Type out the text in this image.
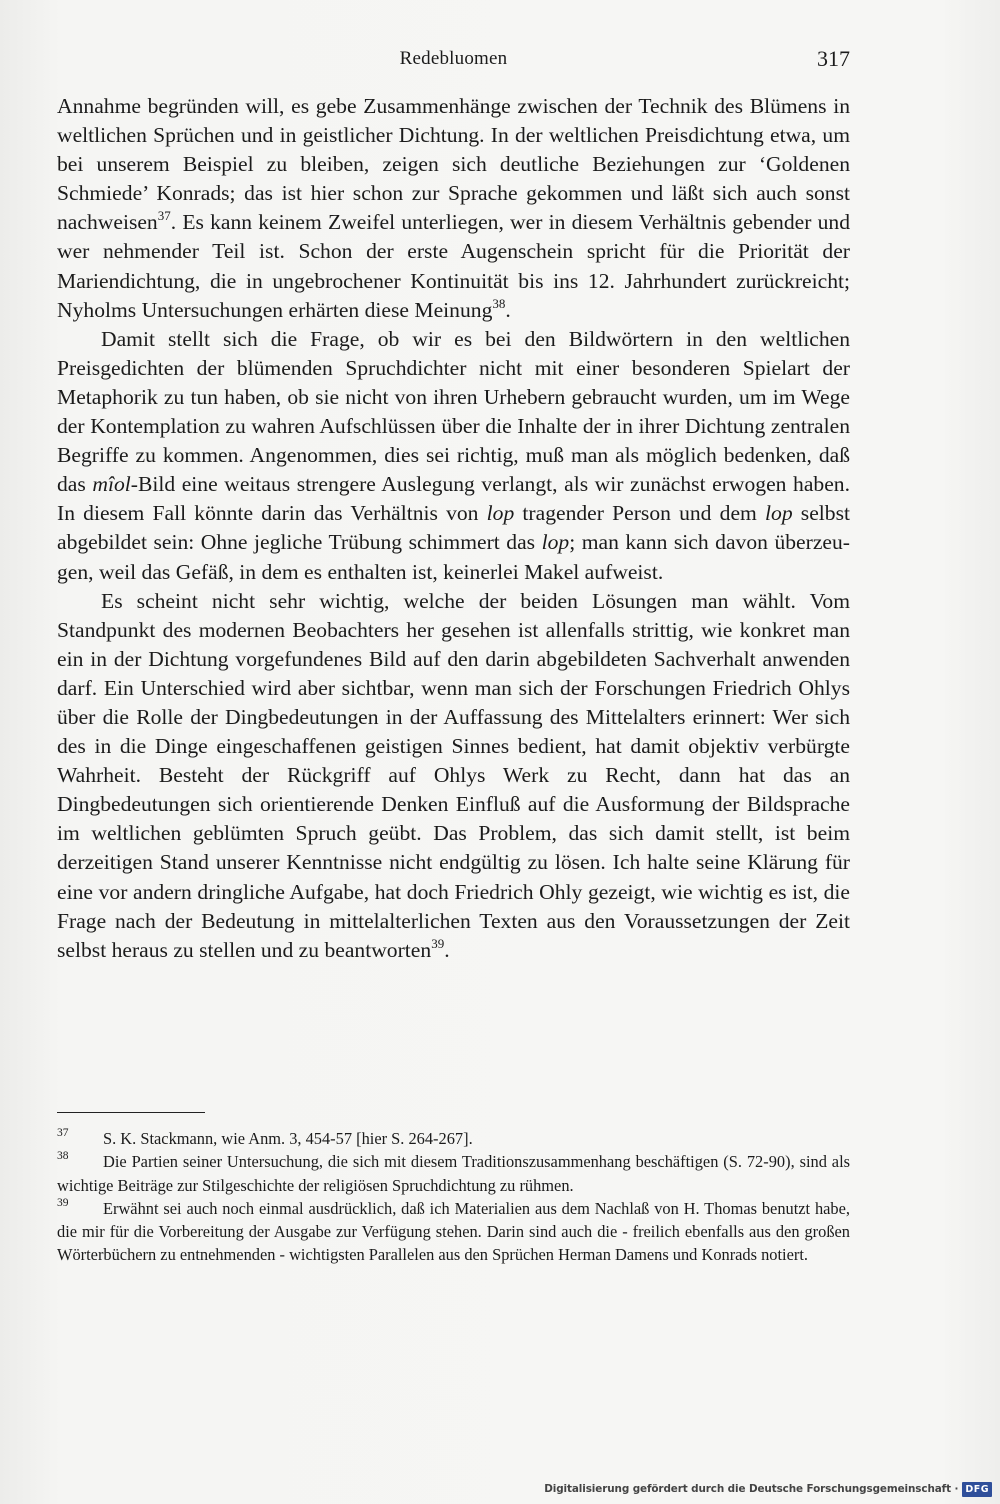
Redebluomen	317

Annahme begründen will, es gebe Zusammenhänge zwischen der Technik des Blümens in weltlichen Sprüchen und in geistlicher Dichtung. In der weltlichen Preisdichtung etwa, um bei unserem Beispiel zu bleiben, zeigen sich deutliche Beziehungen zur ‘Goldenen Schmiede’ Konrads; das ist hier schon zur Sprache gekommen und läßt sich auch sonst nachweisen$^{37}$. Es kann keinem Zweifel unterliegen, wer in diesem Verhältnis gebender und wer nehmender Teil ist. Schon der erste Augenschein spricht für die Priorität der Mariendichtung, die in ungebrochener Kontinuität bis ins 12. Jahrhundert zurückreicht; Nyholms Untersuchungen erhärten diese Meinung$^{38}$.

Damit stellt sich die Frage, ob wir es bei den Bildwörtern in den weltlichen Preisgedichten der blümenden Spruchdichter nicht mit einer besonderen Spielart der Metaphorik zu tun haben, ob sie nicht von ihren Urhebern gebraucht wurden, um im Wege der Kontemplation zu wahren Aufschlüssen über die Inhalte der in ihrer Dichtung zentralen Begriffe zu kommen. Angenommen, dies sei richtig, muß man als möglich bedenken, daß das mîol-Bild eine weitaus strengere Auslegung verlangt, als wir zunächst erwogen haben. In diesem Fall könnte darin das Verhältnis von lop tragender Person und dem lop selbst abgebildet sein: Ohne jegliche Trübung schimmert das lop; man kann sich davon überzeugen, weil das Gefäß, in dem es enthalten ist, keinerlei Makel aufweist.

Es scheint nicht sehr wichtig, welche der beiden Lösungen man wählt. Vom Standpunkt des modernen Beobachters her gesehen ist allenfalls strittig, wie konkret man ein in der Dichtung vorgefundenes Bild auf den darin abgebildeten Sachverhalt anwenden darf. Ein Unterschied wird aber sichtbar, wenn man sich der Forschungen Friedrich Ohlys über die Rolle der Dingbedeutungen in der Auffassung des Mittelalters erinnert: Wer sich des in die Dinge eingeschaffenen geistigen Sinnes bedient, hat damit objektiv verbürgte Wahrheit. Besteht der Rückgriff auf Ohlys Werk zu Recht, dann hat das an Dingbedeutungen sich orientierende Denken Einfluß auf die Ausformung der Bildsprache im weltlichen geblümten Spruch geübt. Das Problem, das sich damit stellt, ist beim derzeitigen Stand unserer Kenntnisse nicht endgültig zu lösen. Ich halte seine Klärung für eine vor andern dringliche Aufgabe, hat doch Friedrich Ohly gezeigt, wie wichtig es ist, die Frage nach der Bedeutung in mittelalterlichen Texten aus den Voraussetzungen der Zeit selbst heraus zu stellen und zu beantworten$^{39}$.

37	S. K. Stackmann, wie Anm. 3, 454-57 [hier S. 264-267].

38	Die Partien seiner Untersuchung, die sich mit diesem Traditionszusammenhang beschäftigen (S. 72-90), sind als wichtige Beiträge zur Stilgeschichte der religiösen Spruchdichtung zu rühmen.

39	Erwähnt sei auch noch einmal ausdrücklich, daß ich Materialien aus dem Nachlaß von H. Thomas benutzt habe, die mir für die Vorbereitung der Ausgabe zur Verfügung stehen. Darin sind auch die - freilich ebenfalls aus den großen Wörterbüchern zu entnehmenden - wichtigsten Parallelen aus den Sprüchen Herman Damens und Konrads notiert.

Digitalisierung gefördert durch die Deutsche Forschungsgemeinschaft · DFG
